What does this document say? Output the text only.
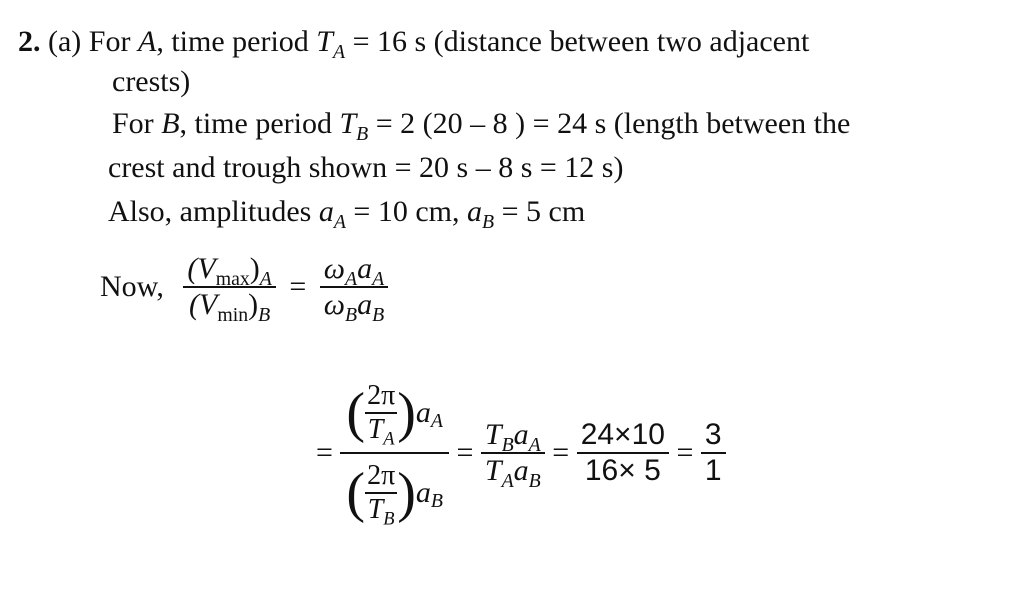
2. (a) For A, time period $T_A = 16$ s (distance between two adjacent
crests)
For B, time period $T_B = 2$ (20 – 8 ) = 24 s (length between the
crest and trough shown = 20 s – 8 s = 12 s)
Also, amplitudes $a_A = 10$ cm, $a_B = 5$ cm
Now, $\frac{(V_{max})_A}{(V_{min})_B} = \frac{\omega_Aa_A}{\omega_Ba_B}$
= $\frac{( \frac{2\pi}{T_A} )a_A}{( \frac{2\pi}{T_B} )a_B} = \frac{T_Ba_A}{T_Aa_B} = \frac{24\times 10}{16\times 5} = \frac{3}{1}$
